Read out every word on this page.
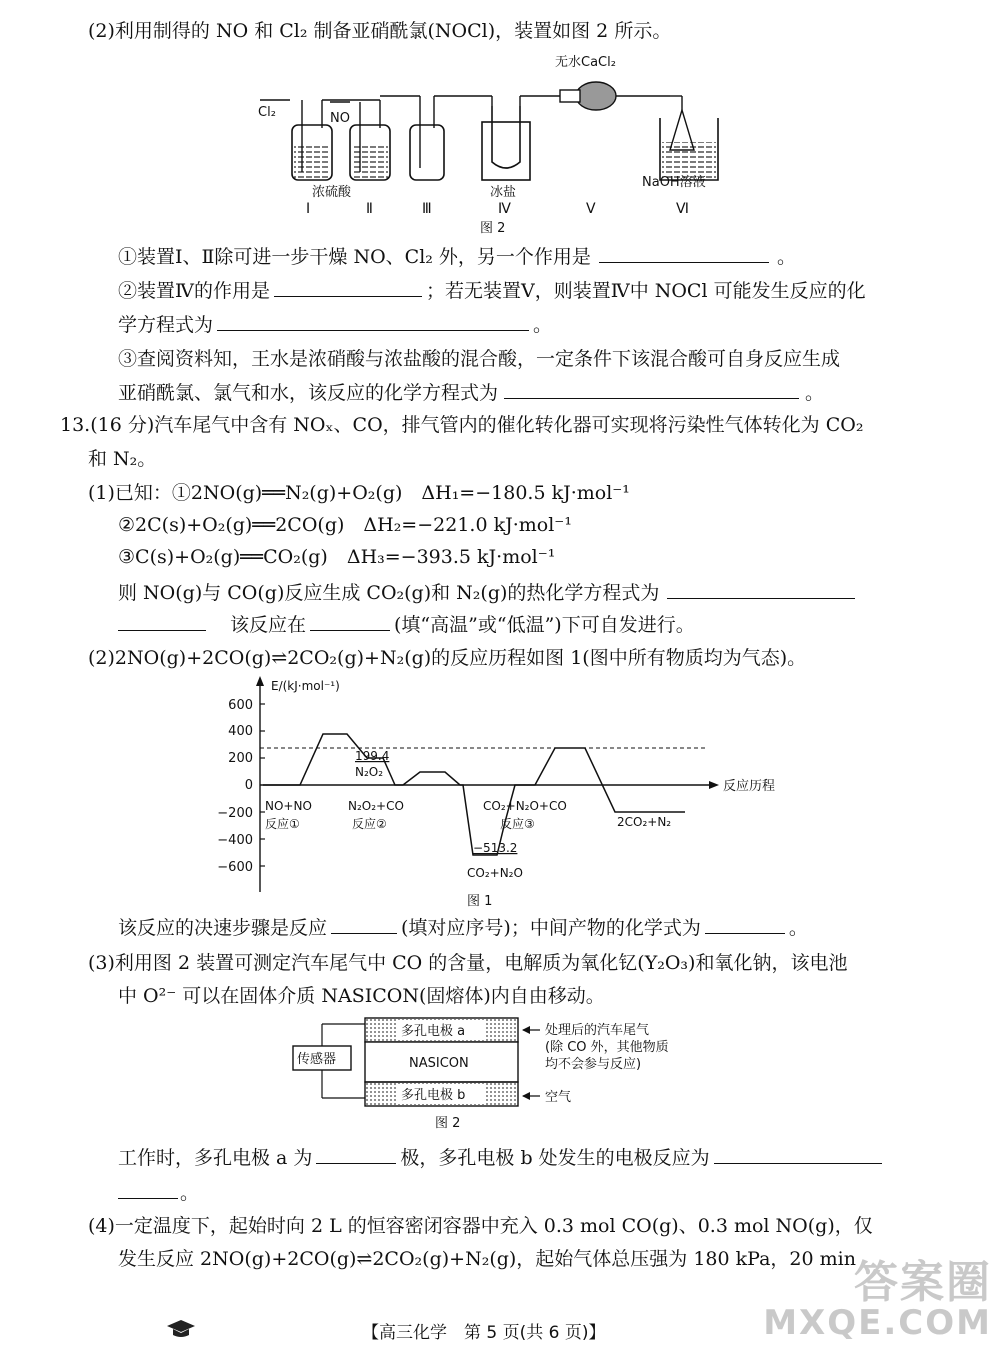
(2)利用制得的 NO 和 Cl₂ 制备亚硝酰氯(NOCl)，装置如图 2 所示。
Cl₂	NO
浓硫酸	冰盐
无水CaCl₂
NaOH溶液
Ⅰ	Ⅱ	Ⅲ	Ⅳ	Ⅴ	Ⅵ
图 2
①装置Ⅰ、Ⅱ除可进一步干燥 NO、Cl₂ 外，另一个作用是	。
②装置Ⅳ的作用是	；若无装置Ⅴ，则装置Ⅳ中 NOCl 可能发生反应的化
学方程式为	。
③查阅资料知，王水是浓硝酸与浓盐酸的混合酸，一定条件下该混合酸可自身反应生成
亚硝酰氯、氯气和水，该反应的化学方程式为	。
13.(16 分)汽车尾气中含有 NOₓ、CO，排气管内的催化转化器可实现将污染性气体转化为 CO₂
和 N₂。
(1)已知：①2NO(g)══N₂(g)+O₂(g)　ΔH₁=−180.5 kJ·mol⁻¹
②2C(s)+O₂(g)══2CO(g)　ΔH₂=−221.0 kJ·mol⁻¹
③C(s)+O₂(g)══CO₂(g)　ΔH₃=−393.5 kJ·mol⁻¹
则 NO(g)与 CO(g)反应生成 CO₂(g)和 N₂(g)的热化学方程式为
该反应在	(填“高温”或“低温”)下可自发进行。
(2)2NO(g)+2CO(g)⇌2CO₂(g)+N₂(g)的反应历程如图 1(图中所有物质均为气态)。
E/(kJ·mol⁻¹)
反应历程
600
400
200
0
−200
−400
−600
199.4
N₂O₂
−513.2
CO₂+N₂O
NO+NO
反应①
N₂O₂+CO
反应②
CO₂+N₂O+CO
反应③	2CO₂+N₂
图 1
该反应的决速步骤是反应	(填对应序号)；中间产物的化学式为	。
(3)利用图 2 装置可测定汽车尾气中 CO 的含量，电解质为氧化钇(Y₂O₃)和氧化钠，该电池
中 O²⁻ 可以在固体介质 NASICON(固熔体)内自由移动。
传感器
多孔电极 a
NASICON
多孔电极 b
处理后的汽车尾气
(除 CO 外，其他物质
均不会参与反应)
空气
图 2
工作时，多孔电极 a 为	极，多孔电极 b 处发生的电极反应为
。
(4)一定温度下，起始时向 2 L 的恒容密闭容器中充入 0.3 mol CO(g)、0.3 mol NO(g)，仅
发生反应 2NO(g)+2CO(g)⇌2CO₂(g)+N₂(g)，起始气体总压强为 180 kPa，20 min
【高三化学　第 5 页(共 6 页)】
答案圈
MXQE.COM
